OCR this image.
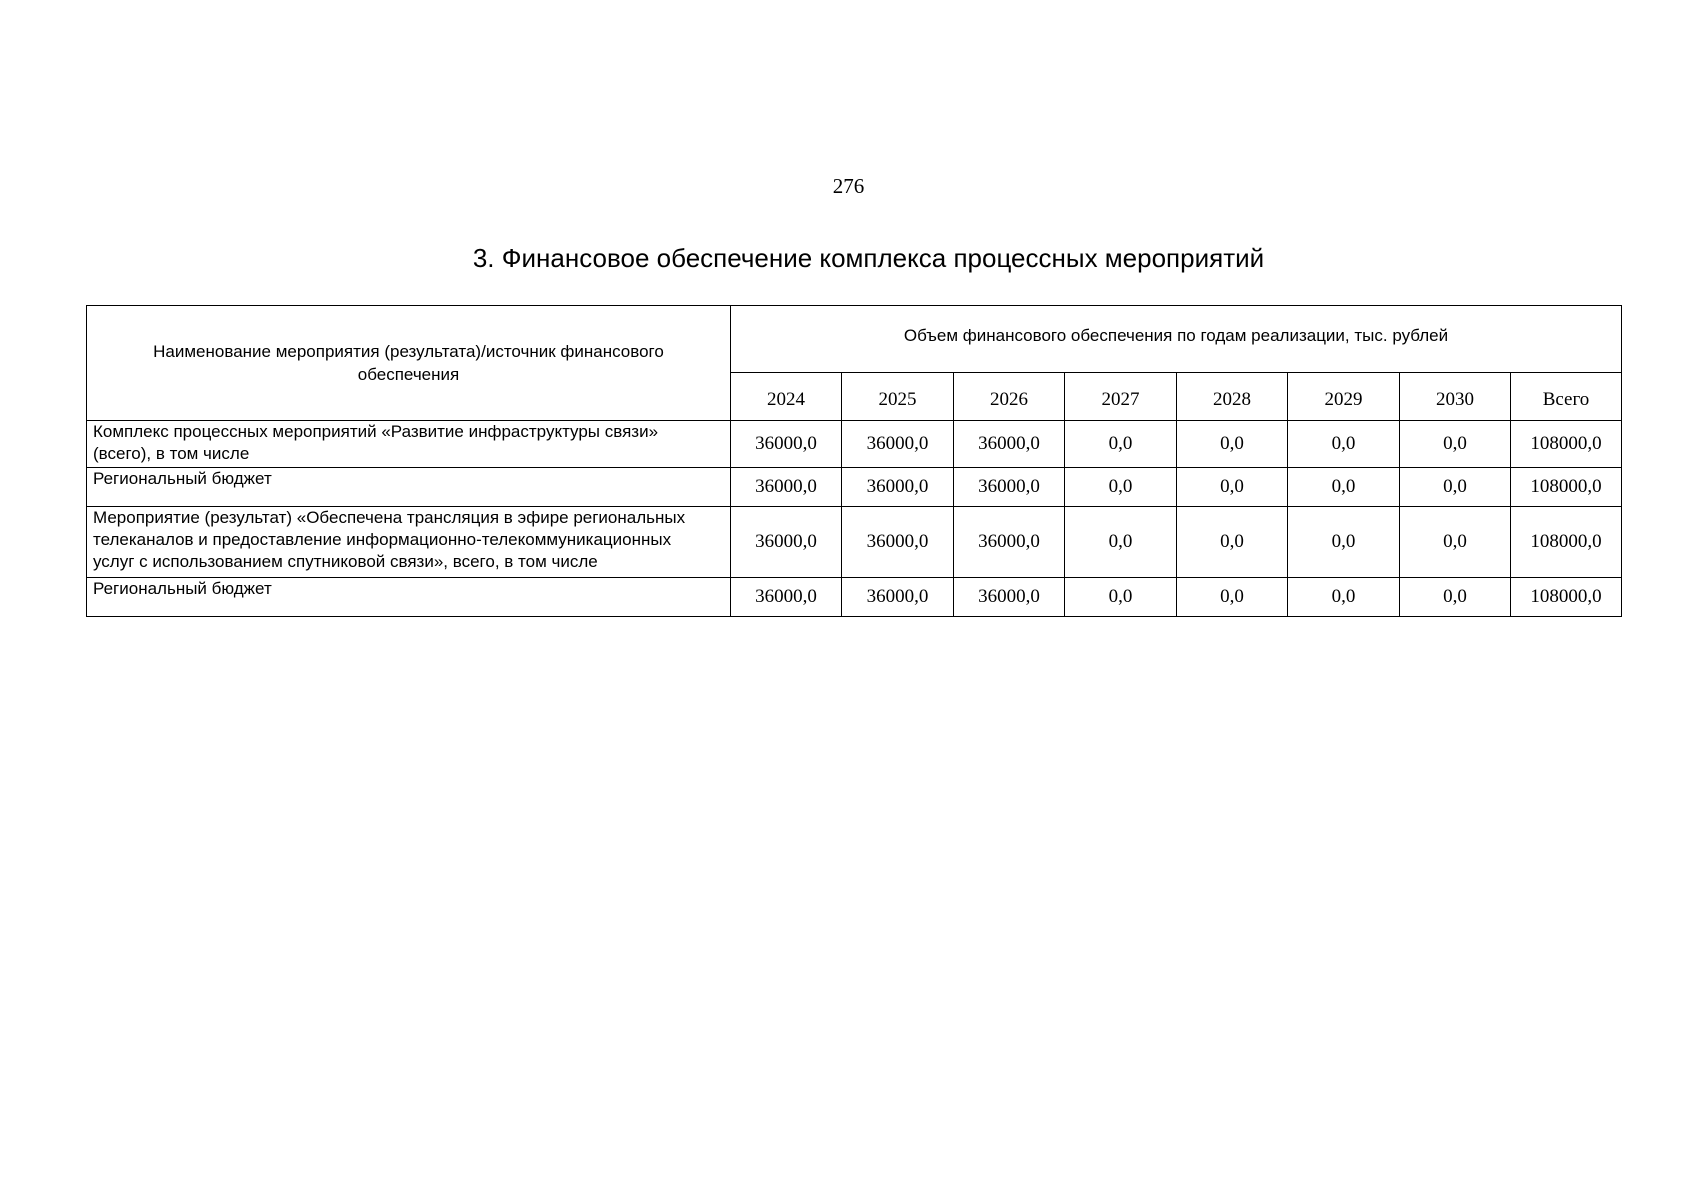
276
3. Финансовое обеспечение комплекса процессных мероприятий
Наименование мероприятия (результата)/источник финансового обеспечения	Объем финансового обеспечения по годам реализации, тыс. рублей							
	2024	2025	2026	2027	2028	2029	2030	Всего

Комплекс процессных мероприятий «Развитие инфраструктуры связи»
(всего), в том числе	36000,0	36000,0	36000,0	0,0	0,0	0,0	0,0	108000,0

Региональный бюджет	36000,0	36000,0	36000,0	0,0	0,0	0,0	0,0	108000,0

Мероприятие (результат) «Обеспечена трансляция в эфире региональных
телеканалов и предоставление информационно-телекоммуникационных
услуг с использованием спутниковой связи», всего, в том числе	36000,0	36000,0	36000,0	0,0	0,0	0,0	0,0	108000,0

Региональный бюджет	36000,0	36000,0	36000,0	0,0	0,0	0,0	0,0	108000,0
